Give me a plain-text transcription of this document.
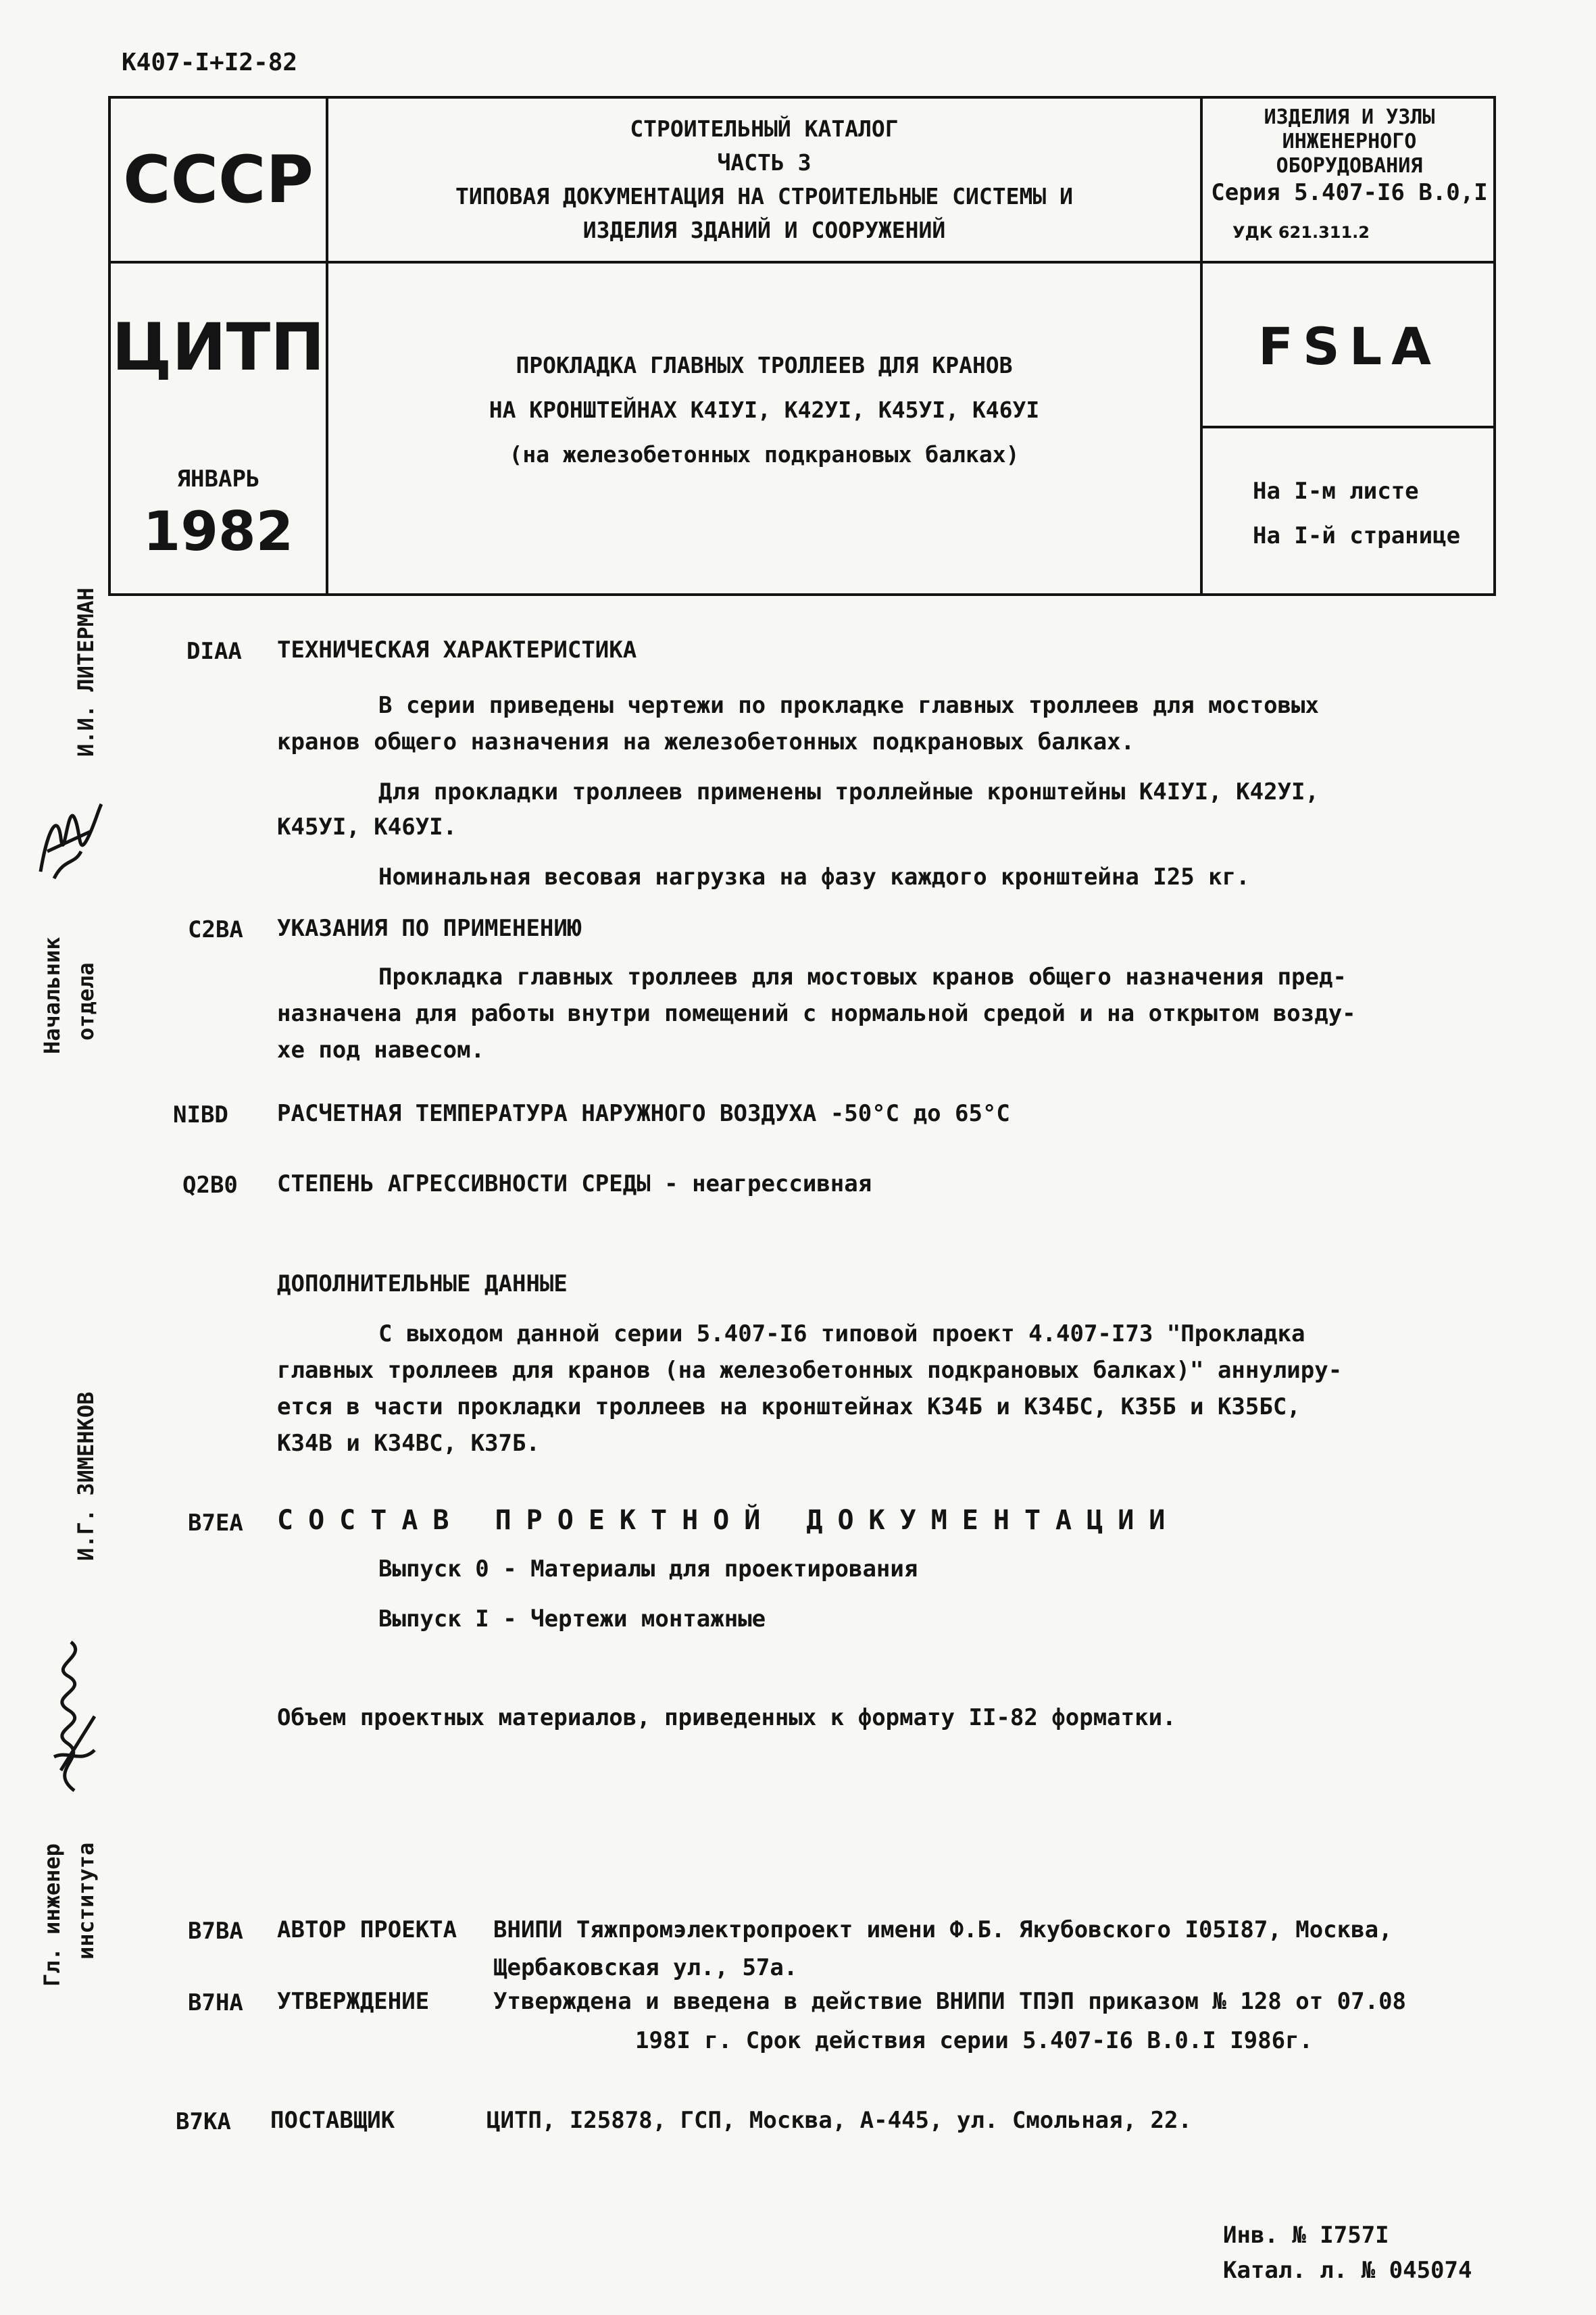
К407-I+I2-82
СССР
ЦИТП
ЯНВАРЬ
1982
СТРОИТЕЛЬНЫЙ КАТАЛОГ
ЧАСТЬ 3
ТИПОВАЯ ДОКУМЕНТАЦИЯ НА СТРОИТЕЛЬНЫЕ СИСТЕМЫ И
ИЗДЕЛИЯ ЗДАНИЙ И СООРУЖЕНИЙ
ПРОКЛАДКА ГЛАВНЫХ ТРОЛЛЕЕВ ДЛЯ КРАНОВ
НА КРОНШТЕЙНАХ К4IУI, К42УI, К45УI, К46УI
(на железобетонных подкрановых балках)
ИЗДЕЛИЯ И УЗЛЫ
ИНЖЕНЕРНОГО
ОБОРУДОВАНИЯ
Серия 5.407-I6 В.0,I
УДК 621.311.2
FSLA
На I-м листе
На I-й странице
И.И. ЛИТЕРМАН
Начальник отдела
И.Г. ЗИМЕНКОВ
Гл. инженер института
DIAA ТЕХНИЧЕСКАЯ ХАРАКТЕРИСТИКА
В серии приведены чертежи по прокладке главных троллеев для мостовых
кранов общего назначения на железобетонных подкрановых балках.
Для прокладки троллеев применены троллейные кронштейны К4IУI, К42УI,
К45УI, К46УI.
Номинальная весовая нагрузка на фазу каждого кронштейна I25 кг.
C2BA УКАЗАНИЯ ПО ПРИМЕНЕНИЮ
Прокладка главных троллеев для мостовых кранов общего назначения пред-
назначена для работы внутри помещений с нормальной средой и на открытом возду-
хе под навесом.
NIBD РАСЧЕТНАЯ ТЕМПЕРАТУРА НАРУЖНОГО ВОЗДУХА -50°С до 65°С
Q2B0 СТЕПЕНЬ АГРЕССИВНОСТИ СРЕДЫ - неагрессивная
ДОПОЛНИТЕЛЬНЫЕ ДАННЫЕ
С выходом данной серии 5.407-I6 типовой проект 4.407-I73 "Прокладка
главных троллеев для кранов (на железобетонных подкрановых балках)" аннулиру-
ется в части прокладки троллеев на кронштейнах К34Б и К34БС, К35Б и К35БС,
К34В и К34ВС, К37Б.
B7EA СОСТАВ ПРОЕКТНОЙ ДОКУМЕНТАЦИИ
Выпуск 0 - Материалы для проектирования
Выпуск I - Чертежи монтажные
Объем проектных материалов, приведенных к формату II-82 форматки.
B7BA АВТОР ПРОЕКТА ВНИПИ Тяжпромэлектропроект имени Ф.Б. Якубовского I05I87, Москва,
Щербаковская ул., 57а.
B7HA УТВЕРЖДЕНИЕ	Утверждена и введена в действие ВНИПИ ТПЭП приказом № 128 от 07.08
198I г. Срок действия серии 5.407-I6 В.0.I I986г.
B7KA ПОСТАВЩИК	ЦИТП, I25878, ГСП, Москва, А-445, ул. Смольная, 22.
Инв. № I757I
Катал. л. № 045074
